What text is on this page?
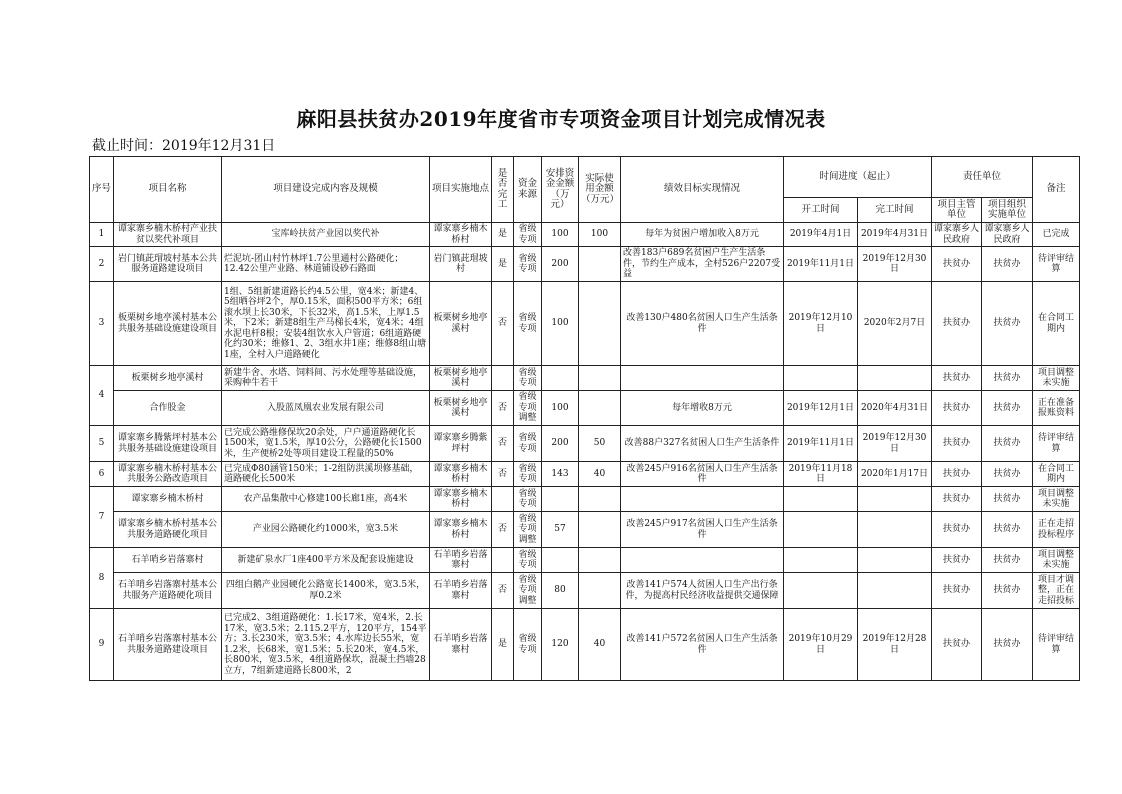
麻阳县扶贫办2019年度省市专项资金项目计划完成情况表
截止时间：2019年12月31日
序号	项目名称	项目建设完成内容及规模	项目实施地点	是否完工	资金来源	安排资金金额（万元）	实际使用金额（万元）	绩效目标实现情况	时间进度（起止）		责任单位		备注
									开工时间	完工时间	项目主管单位	项目组织实施单位	
1	谭家寨乡楠木桥村产业扶贫以奖代补项目	宝库岭扶贫产业园以奖代补	谭家寨乡楠木桥村	是	省级专项	100	100	每年为贫困户增加收入8万元	2019年4月1日	2019年4月31日	谭家寨乡人民政府	谭家寨乡人民政府	已完成
2	岩门镇茈瑁坡村基本公共服务道路建设项目	烂泥坑-团山村竹林坪1.7公里通村公路硬化；12.42公里产业路、林道铺设砂石路面	岩门镇茈瑁坡村	是	省级专项	200		改善183户689名贫困户生产生活条件，节约生产成本，全村526户2207受益	2019年11月1日	2019年12月30日	扶贫办	扶贫办	待评审结算
3	板栗树乡地亭溪村基本公共服务基础设施建设项目	1组、5组新建道路长约4.5公里，宽4米；新建4、5组晒谷坪2个，厚0.15米，面积500平方米；6组滚水坝上长30米，下长32米，高1.5米，上厚1.5米，下2米；新建8组生产马梯长4米，宽4米；4组水泥电杆8根；安装4组饮水入户管道；6组道路硬化约30米；维修1、2、3组水井1座；维修8组山塘1座，全村入户道路硬化	板栗树乡地亭溪村	否	省级专项	100		改善130户480名贫困人口生产生活条件	2019年12月10日	2020年2月7日	扶贫办	扶贫办	在合同工期内
4	板栗树乡地亭溪村	新建牛舍、水塔、饲料间、污水处理等基础设施，采购种牛若干	板栗树乡地亭溪村		省级专项						扶贫办	扶贫办	项目调整未实施
	合作股金	入股蓝凤凰农业发展有限公司	板栗树乡地亭溪村	否	省级专项调整	100		每年增收8万元	2019年12月1日	2020年4月31日	扶贫办	扶贫办	正在准备报账资料
5	谭家寨乡腾紫坪村基本公共服务基础设施建设项目	已完成公路维修保坎20余处，户户通道路硬化长1500米，宽1.5米，厚10公分，公路硬化长1500米，生产便桥2处等项目建设工程量的50%	谭家寨乡腾紫坪村	否	省级专项	200	50	改善88户327名贫困人口生产生活条件	2019年11月1日	2019年12月30日	扶贫办	扶贫办	待评审结算
6	谭家寨乡楠木桥村基本公共服务公路改造项目	已完成Φ80涵管150米；1-2组防洪溪坝修基础，道路硬化长500米	谭家寨乡楠木桥村	否	省级专项	143	40	改善245户916名贫困人口生产生活条件	2019年11月18日	2020年1月17日	扶贫办	扶贫办	在合同工期内
7	谭家寨乡楠木桥村	农产品集散中心修建100长廊1座，高4米	谭家寨乡楠木桥村		省级专项						扶贫办	扶贫办	项目调整未实施
	谭家寨乡楠木桥村基本公共服务道路硬化项目	产业园公路硬化约1000米，宽3.5米	谭家寨乡楠木桥村	否	省级专项调整	57		改善245户917名贫困人口生产生活条件			扶贫办	扶贫办	正在走招投标程序
8	石羊哨乡岩落寨村	新建矿泉水厂1座400平方米及配套设施建设	石羊哨乡岩落寨村		省级专项						扶贫办	扶贫办	项目调整未实施
	石羊哨乡岩落寨村基本公共服务产道路硬化项目	四组白鹅产业园硬化公路宽长1400米，宽3.5米，厚0.2米	石羊哨乡岩落寨村	否	省级专项调整	80		改善141户574人贫困人口生产出行条件，为提高村民经济收益提供交通保障			扶贫办	扶贫办	项目才调整，正在走招投标
9	石羊哨乡岩落寨村基本公共服务道路建设项目	已完成2、3组道路硬化：1.长17米，宽4米，2.长17米，宽3.5米；2.115.2平方，120平方，154平方；3.长230米，宽3.5米；4.水库边长55米，宽1.2米，长68米，宽1.5米；5.长20米，宽4.5米，长800米，宽3.5米，4组道路保坎，混凝土挡墙28立方，7组新建道路长800米，2	石羊哨乡岩落寨村	是	省级专项	120	40	改善141户572名贫困人口生产生活条件	2019年10月29日	2019年12月28日	扶贫办	扶贫办	待评审结算
